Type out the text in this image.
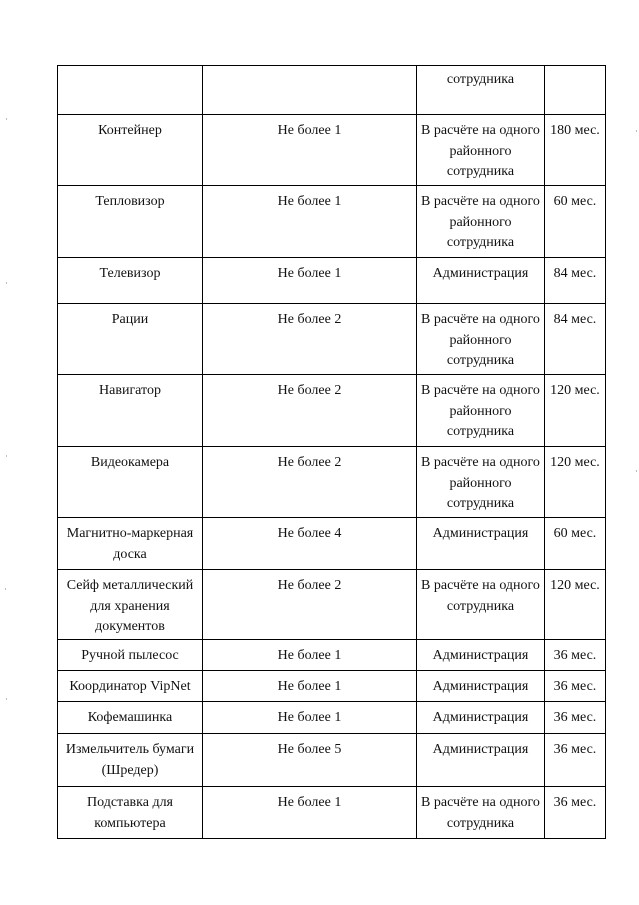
		сотрудника	
Контейнер	Не более 1	В расчёте на одного районного сотрудника	180 мес.
Тепловизор	Не более 1	В расчёте на одного районного сотрудника	60 мес.
Телевизор	Не более 1	Администрация	84 мес.
Рации	Не более 2	В расчёте на одного районного сотрудника	84 мес.
Навигатор	Не более 2	В расчёте на одного районного сотрудника	120 мес.
Видеокамера	Не более 2	В расчёте на одного районного сотрудника	120 мес.
Магнитно-маркерная доска	Не более 4	Администрация	60 мес.
Сейф металлический для хранения документов	Не более 2	В расчёте на одного сотрудника	120 мес.
Ручной пылесос	Не более 1	Администрация	36 мес.
Координатор VipNet	Не более 1	Администрация	36 мес.
Кофемашинка	Не более 1	Администрация	36 мес.
Измельчитель бумаги (Шредер)	Не более 5	Администрация	36 мес.
Подставка для компьютера	Не более 1	В расчёте на одного сотрудника	36 мес.
